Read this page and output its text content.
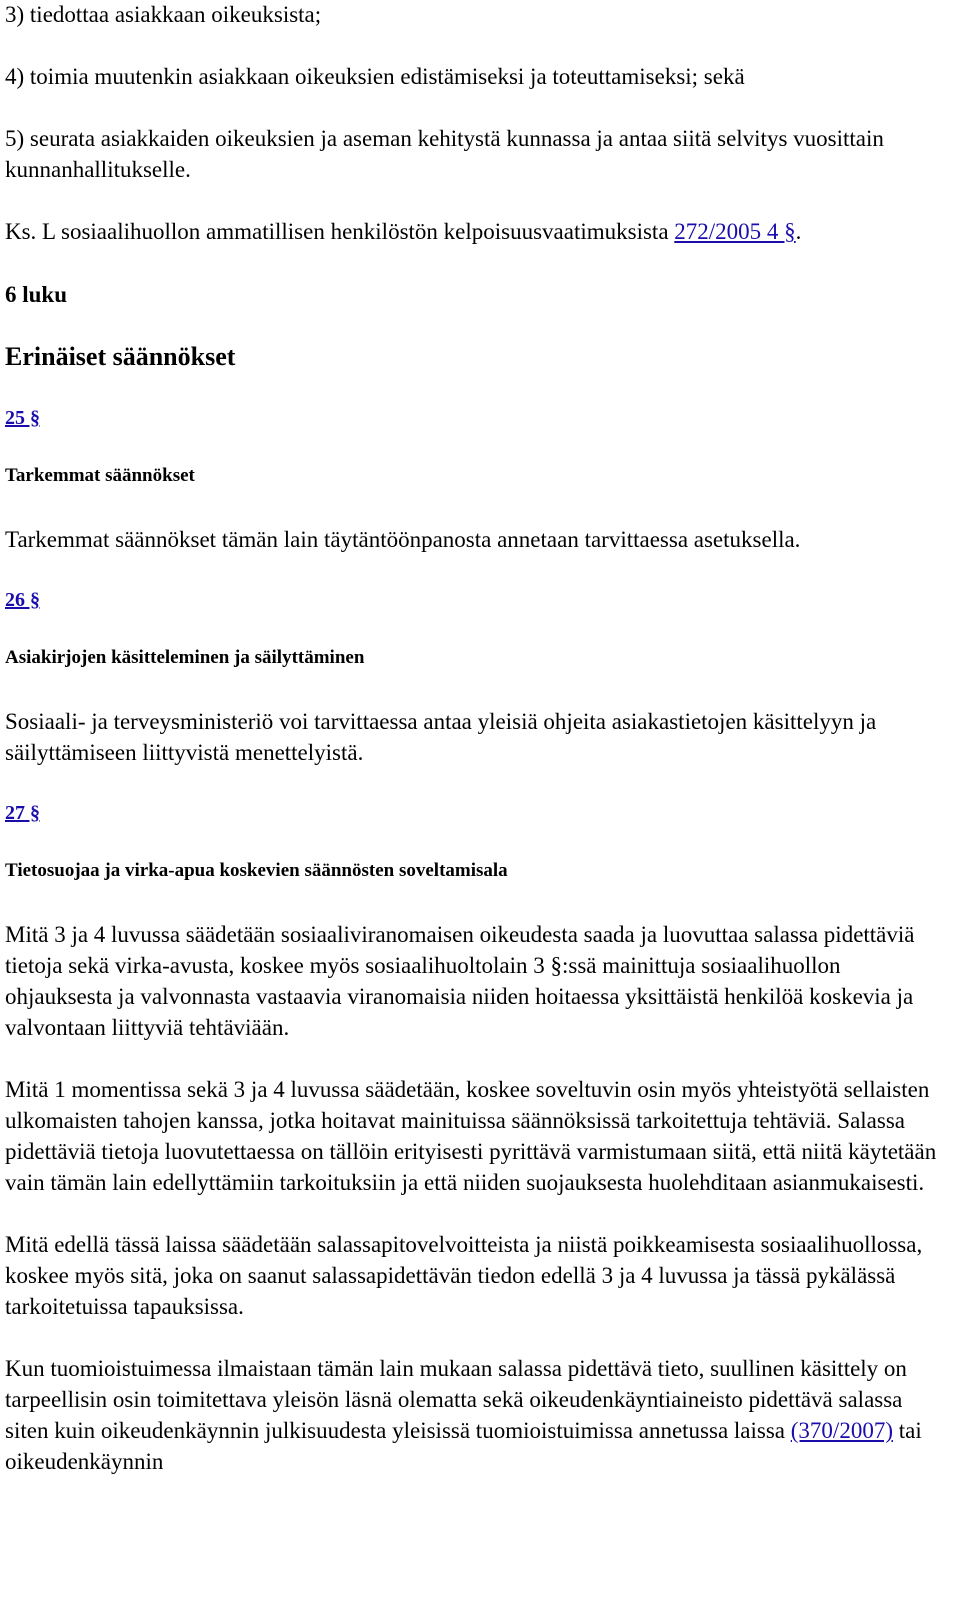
3) tiedottaa asiakkaan oikeuksista;

4) toimia muutenkin asiakkaan oikeuksien edistämiseksi ja toteuttamiseksi; sekä

5) seurata asiakkaiden oikeuksien ja aseman kehitystä kunnassa ja antaa siitä selvitys vuosittain kunnanhallitukselle.

Ks. L sosiaalihuollon ammatillisen henkilöstön kelpoisuusvaatimuksista 272/2005 4 §.

6 luku

Erinäiset säännökset

25 §

Tarkemmat säännökset

Tarkemmat säännökset tämän lain täytäntöönpanosta annetaan tarvittaessa asetuksella.

26 §

Asiakirjojen käsitteleminen ja säilyttäminen

Sosiaali- ja terveysministeriö voi tarvittaessa antaa yleisiä ohjeita asiakastietojen käsittelyyn ja säilyttämiseen liittyvistä menettelyistä.

27 §

Tietosuojaa ja virka-apua koskevien säännösten soveltamisala

Mitä 3 ja 4 luvussa säädetään sosiaaliviranomaisen oikeudesta saada ja luovuttaa salassa pidettäviä tietoja sekä virka-avusta, koskee myös sosiaalihuoltolain 3 §:ssä mainittuja sosiaalihuollon ohjauksesta ja valvonnasta vastaavia viranomaisia niiden hoitaessa yksittäistä henkilöä koskevia ja valvontaan liittyviä tehtäviään.

Mitä 1 momentissa sekä 3 ja 4 luvussa säädetään, koskee soveltuvin osin myös yhteistyötä sellaisten ulkomaisten tahojen kanssa, jotka hoitavat mainituissa säännöksissä tarkoitettuja tehtäviä. Salassa pidettäviä tietoja luovutettaessa on tällöin erityisesti pyrittävä varmistumaan siitä, että niitä käytetään vain tämän lain edellyttämiin tarkoituksiin ja että niiden suojauksesta huolehditaan asianmukaisesti.

Mitä edellä tässä laissa säädetään salassapitovelvoitteista ja niistä poikkeamisesta sosiaalihuollossa, koskee myös sitä, joka on saanut salassapidettävän tiedon edellä 3 ja 4 luvussa ja tässä pykälässä tarkoitetuissa tapauksissa.

Kun tuomioistuimessa ilmaistaan tämän lain mukaan salassa pidettävä tieto, suullinen käsittely on tarpeellisin osin toimitettava yleisön läsnä olematta sekä oikeudenkäyntiaineisto pidettävä salassa siten kuin oikeudenkäynnin julkisuudesta yleisissä tuomioistuimissa annetussa laissa (370/2007) tai oikeudenkäynnin
